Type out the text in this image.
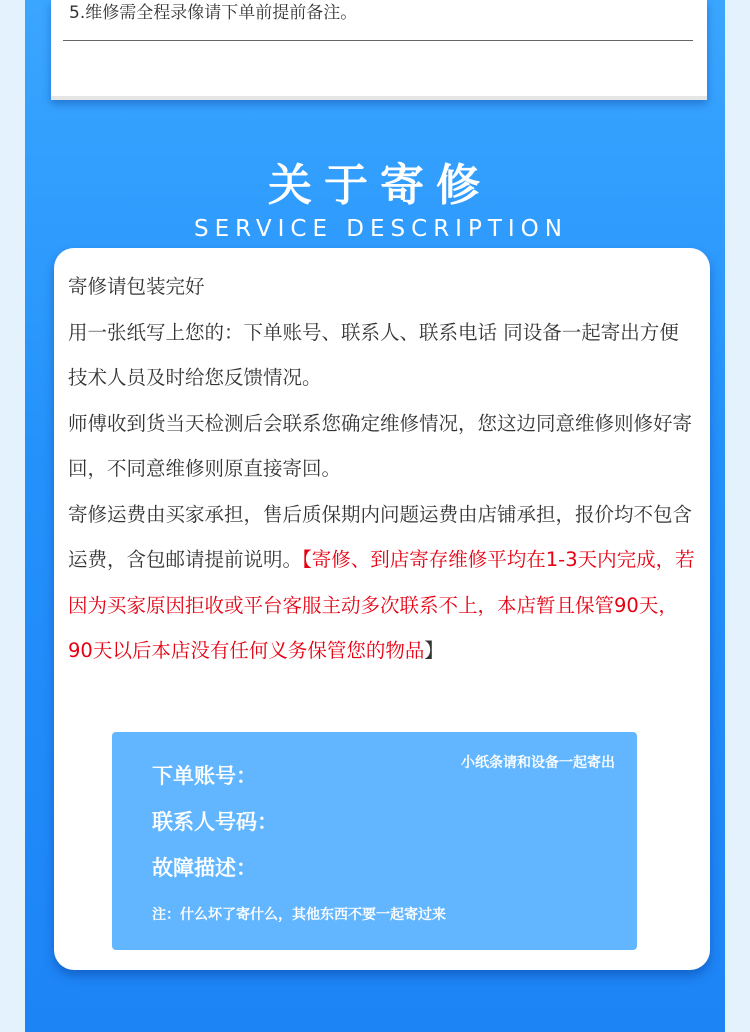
5.维修需全程录像请下单前提前备注。

关于寄修
SERVICE DESCRIPTION

寄修请包装完好

用一张纸写上您的：下单账号、联系人、联系电话 同设备一起寄出方便技术人员及时给您反馈情况。

师傅收到货当天检测后会联系您确定维修情况，您这边同意维修则修好寄回，不同意维修则原直接寄回。

寄修运费由买家承担，售后质保期内问题运费由店铺承担，报价均不包含运费，含包邮请提前说明。【寄修、到店寄存维修平均在1-3天内完成，若因为买家原因拒收或平台客服主动多次联系不上，本店暂且保管90天，90天以后本店没有任何义务保管您的物品】

小纸条请和设备一起寄出
下单账号：
联系人号码：
故障描述：
注：什么坏了寄什么，其他东西不要一起寄过来
